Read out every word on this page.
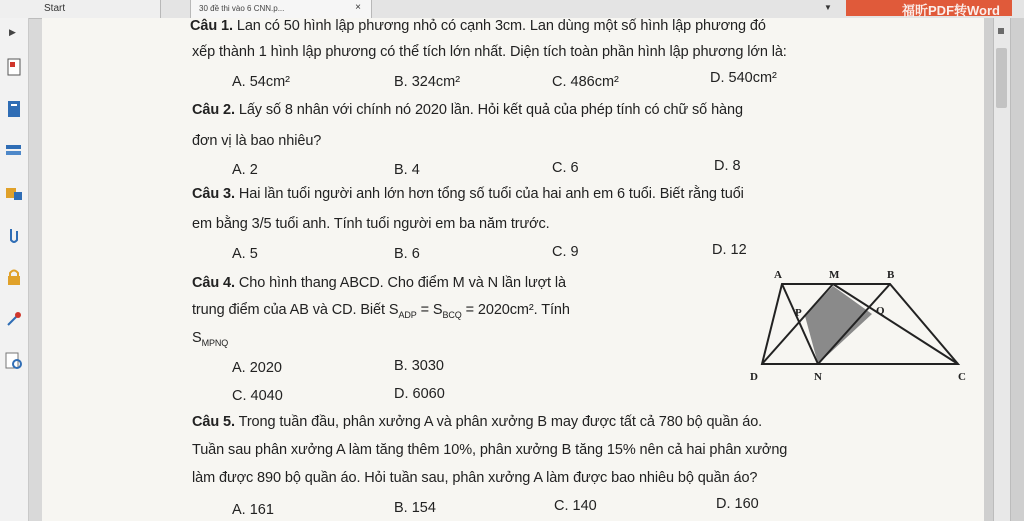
Start	30 đề thi vào 6 CNN.p...	×	▼	福昕PDF转Word
▶	Câu 1. Lan có 50 hình lập phương nhỏ có cạnh 3cm. Lan dùng một số hình lập phương đó
xếp thành 1 hình lập phương có thể tích lớn nhất. Diện tích toàn phần hình lập phương lớn là:
A. 54cm²	B. 324cm²	C. 486cm²	D. 540cm²
Câu 2. Lấy số 8 nhân với chính nó 2020 lần. Hỏi kết quả của phép tính có chữ số hàng
đơn vị là bao nhiêu?
A. 2	B. 4	C. 6	D. 8
Câu 3. Hai lần tuổi người anh lớn hơn tổng số tuổi của hai anh em 6 tuổi. Biết rằng tuổi
em bằng 3/5 tuổi anh. Tính tuổi người em ba năm trước.
A. 5	B. 6	C. 9	D. 12
Câu 4. Cho hình thang ABCD. Cho điểm M và N lần lượt là
trung điểm của AB và CD. Biết $S_{ADP} = S_{BCQ} = 2020cm^2$. Tính
$S_{MPNQ}$
A. 2020	B. 3030
C. 4040	D. 6060
A	M	B
P	Q
D	N	C
Câu 5. Trong tuần đầu, phân xưởng A và phân xưởng B may được tất cả 780 bộ quần áo.
Tuần sau phân xưởng A làm tăng thêm 10%, phân xưởng B tăng 15% nên cả hai phân xưởng
làm được 890 bộ quần áo. Hỏi tuần sau, phân xưởng A làm được bao nhiêu bộ quần áo?
A. 161	B. 154	C. 140	D. 160
